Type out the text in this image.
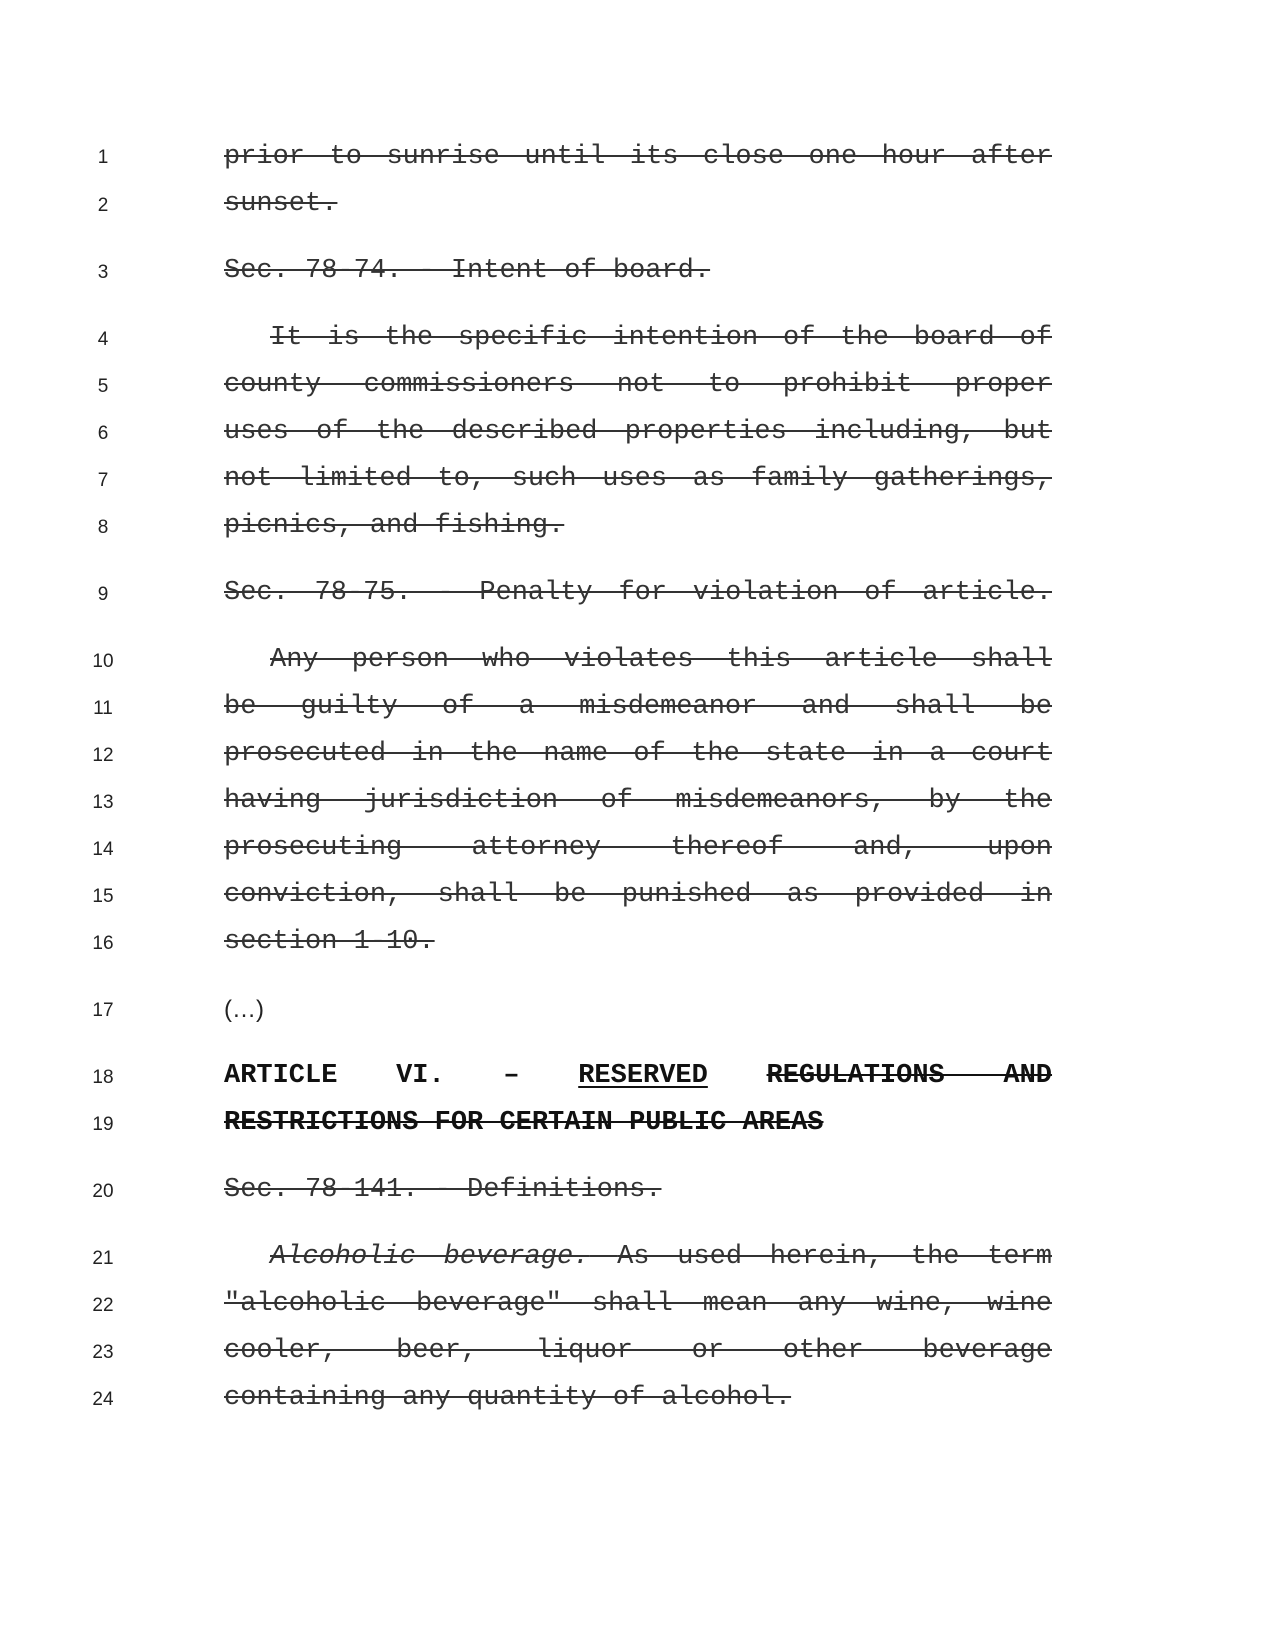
1
2
3
4
5
6
7
8
9
10
11
12
13
14
15
16
17
18
19
20
21
22
23
24
prior to sunrise until its close one hour after
sunset.
Sec. 78-74. - Intent of board.
It is the specific intention of the board of
county commissioners not to prohibit proper
uses of the described properties including, but
not limited to, such uses as family gatherings,
picnics, and fishing.
Sec. 78-75. - Penalty for violation of article.
Any person who violates this article shall
be guilty of a misdemeanor and shall be
prosecuted in the name of the state in a court
having jurisdiction of misdemeanors, by the
prosecuting attorney thereof and, upon
conviction, shall be punished as provided in
section 1-10.
(…)
ARTICLE VI. – RESERVED REGULATIONS AND
RESTRICTIONS FOR CERTAIN PUBLIC AREAS
Sec. 78-141. - Definitions.
Alcoholic beverage. As used herein, the term
"alcoholic beverage" shall mean any wine, wine
cooler, beer, liquor or other beverage
containing any quantity of alcohol.
